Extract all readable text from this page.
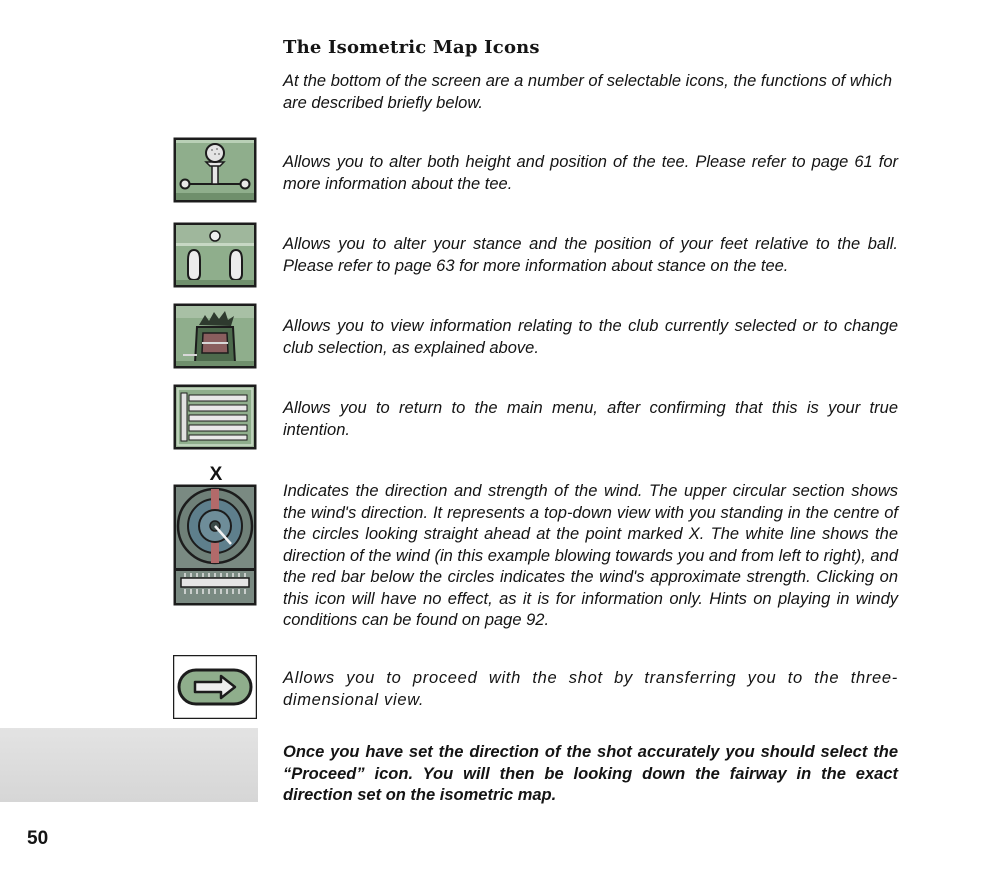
The Isometric Map Icons

At the bottom of the screen are a number of selectable icons, the functions of which are described briefly below.

Allows you to alter both height and position of the tee. Please refer to page 61 for more information about the tee.

Allows you to alter your stance and the position of your feet relative to the ball. Please refer to page 63 for more information about stance on the tee.

Allows you to view information relating to the club currently selected or to change club selection, as explained above.

Allows you to return to the main menu, after confirming that this is your true intention.

X

Indicates the direction and strength of the wind. The upper circular section shows the wind's direction. It represents a top-down view with you standing in the centre of the circles looking straight ahead at the point marked X. The white line shows the direction of the wind (in this example blowing towards you and from left to right), and the red bar below the circles indicates the wind's approximate strength. Clicking on this icon will have no effect, as it is for information only. Hints on playing in windy conditions can be found on page 92.

Allows you to proceed with the shot by transferring you to the three-dimensional view.

Once you have set the direction of the shot accurately you should select the “Proceed” icon. You will then be looking down the fairway in the exact direction set on the isometric map.

50
